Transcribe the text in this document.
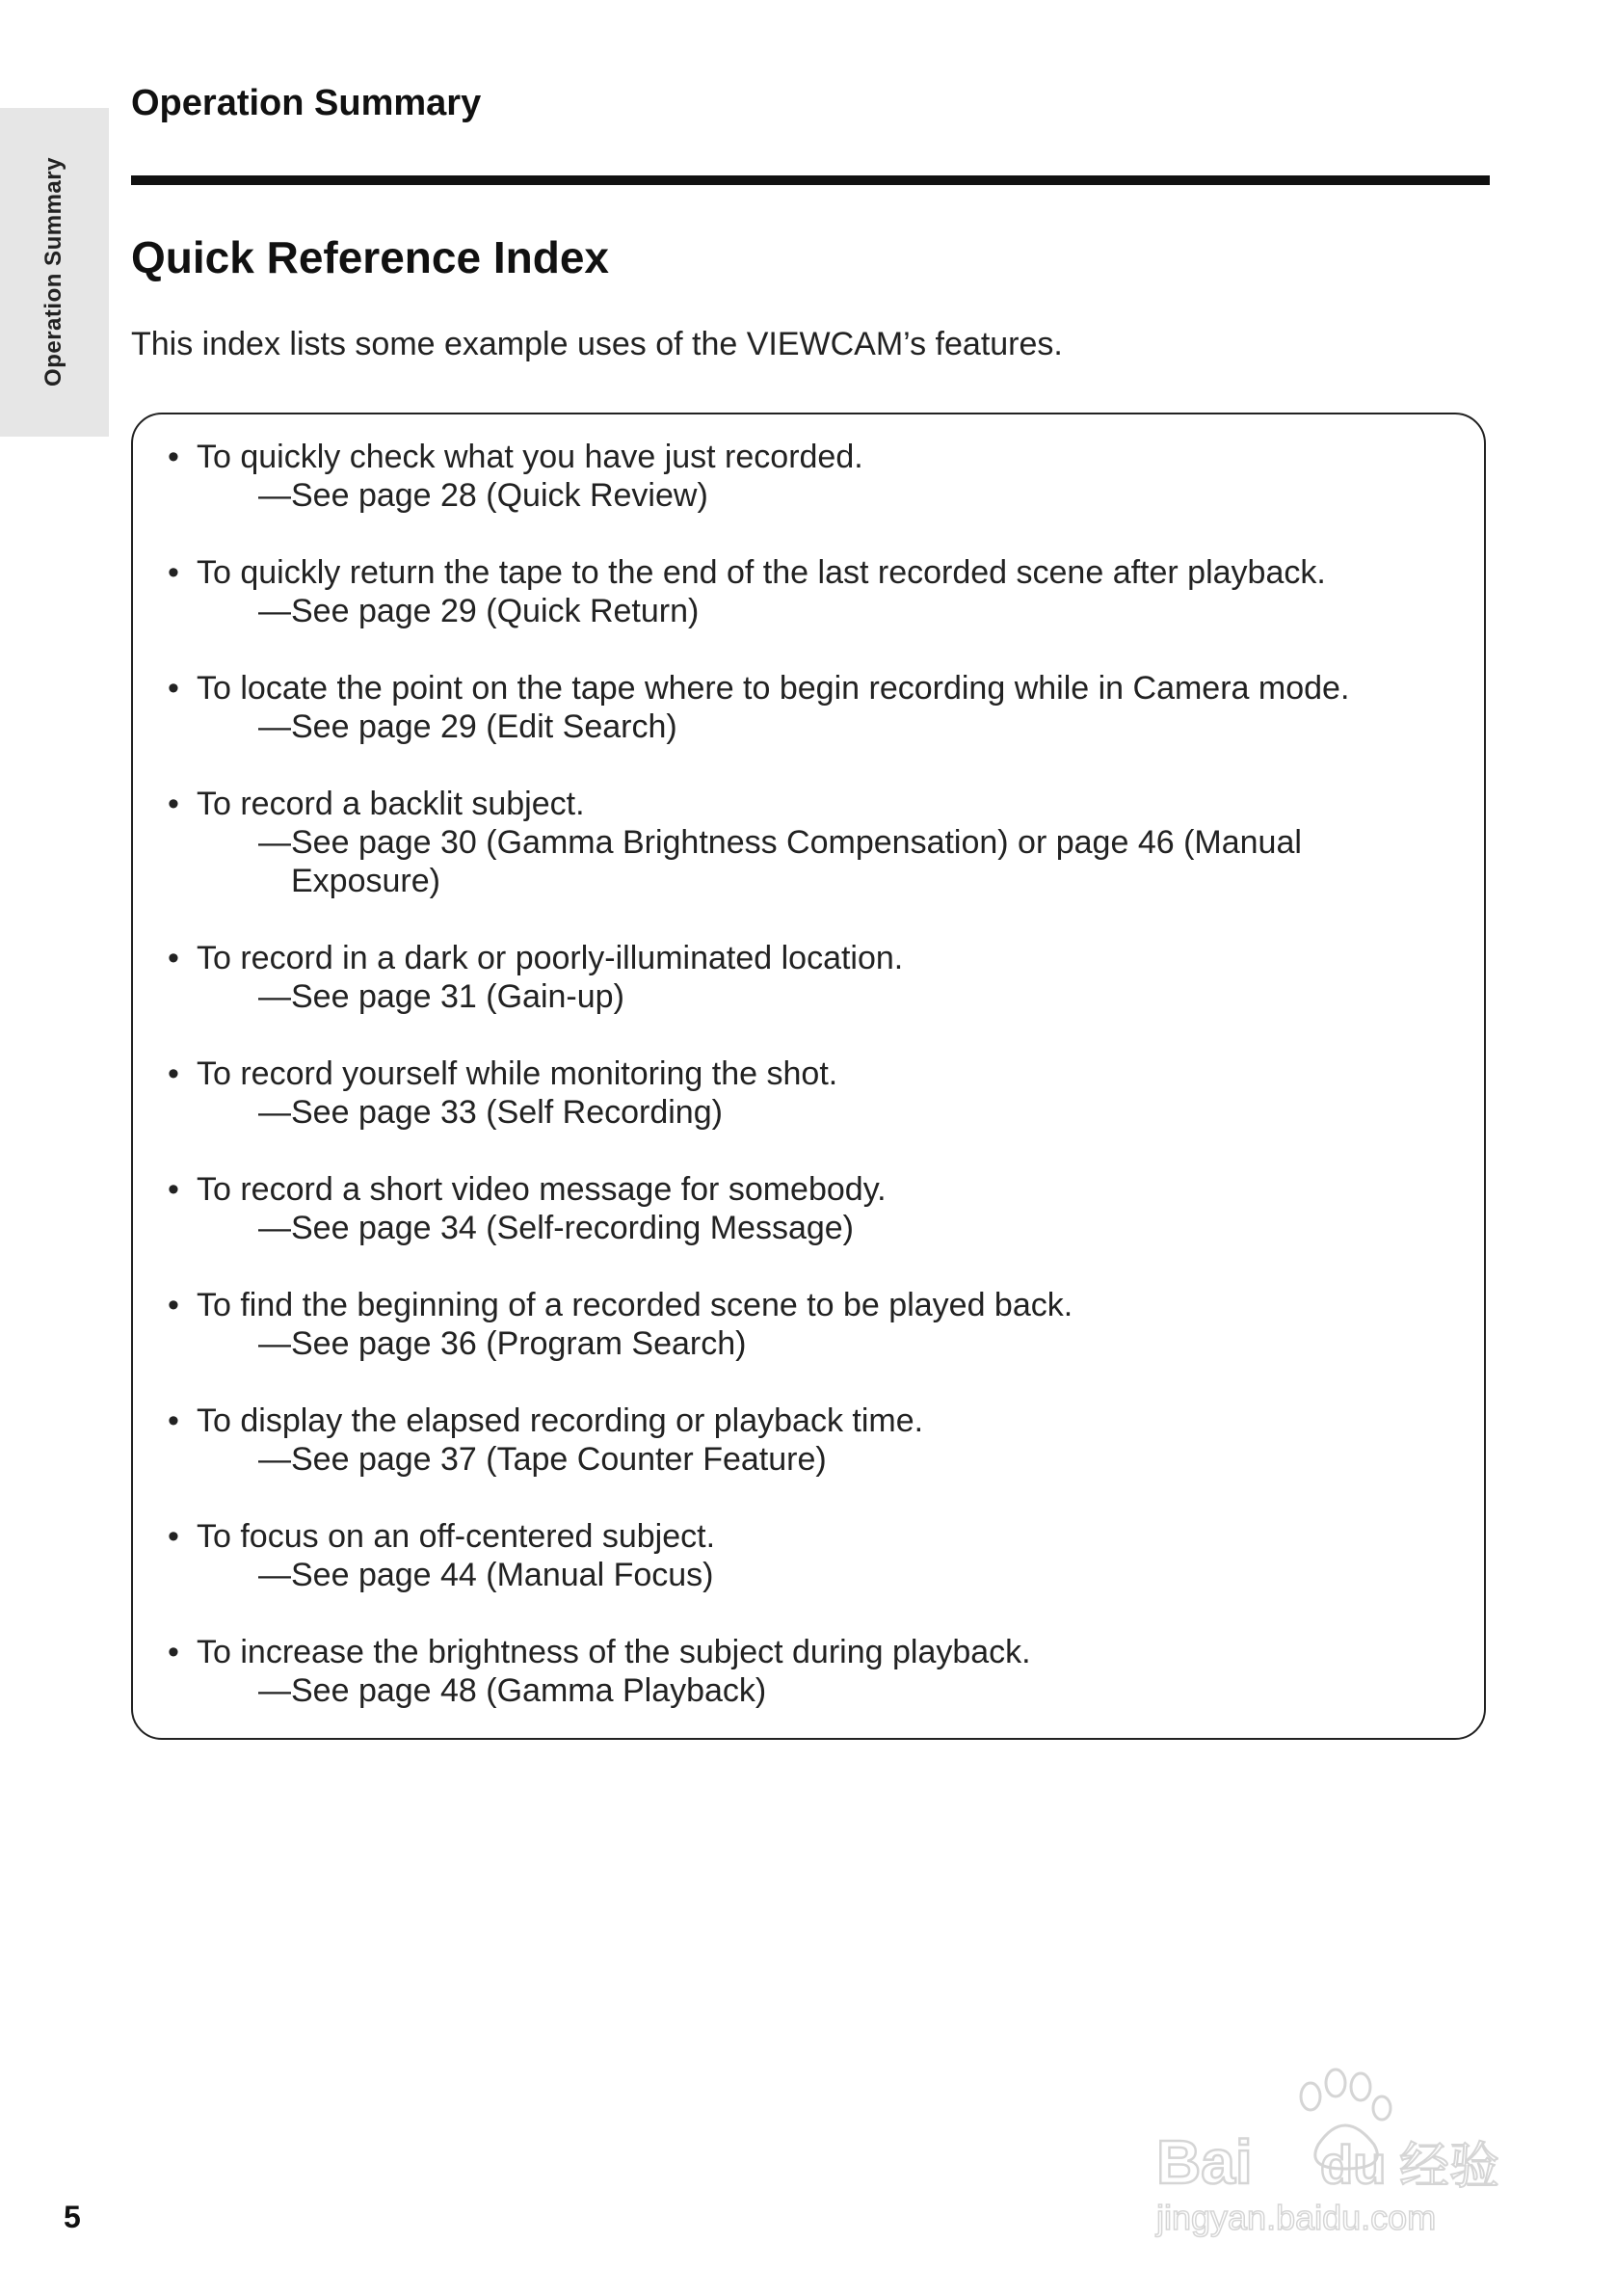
Operation Summary
Operation Summary
Quick Reference Index
This index lists some example uses of the VIEWCAM’s features.
• To quickly check what you have just recorded.
—See page 28 (Quick Review)
• To quickly return the tape to the end of the last recorded scene after playback.
—See page 29 (Quick Return)
• To locate the point on the tape where to begin recording while in Camera mode.
—See page 29 (Edit Search)
• To record a backlit subject.
—See page 30 (Gamma Brightness Compensation) or page 46 (Manual Exposure)
• To record in a dark or poorly-illuminated location.
—See page 31 (Gain-up)
• To record yourself while monitoring the shot.
—See page 33 (Self Recording)
• To record a short video message for somebody.
—See page 34 (Self-recording Message)
• To find the beginning of a recorded scene to be played back.
—See page 36 (Program Search)
• To display the elapsed recording or playback time.
—See page 37 (Tape Counter Feature)
• To focus on an off-centered subject.
—See page 44 (Manual Focus)
• To increase the brightness of the subject during playback.
—See page 48 (Gamma Playback)
5
Bai du 经验
jingyan.baidu.com
